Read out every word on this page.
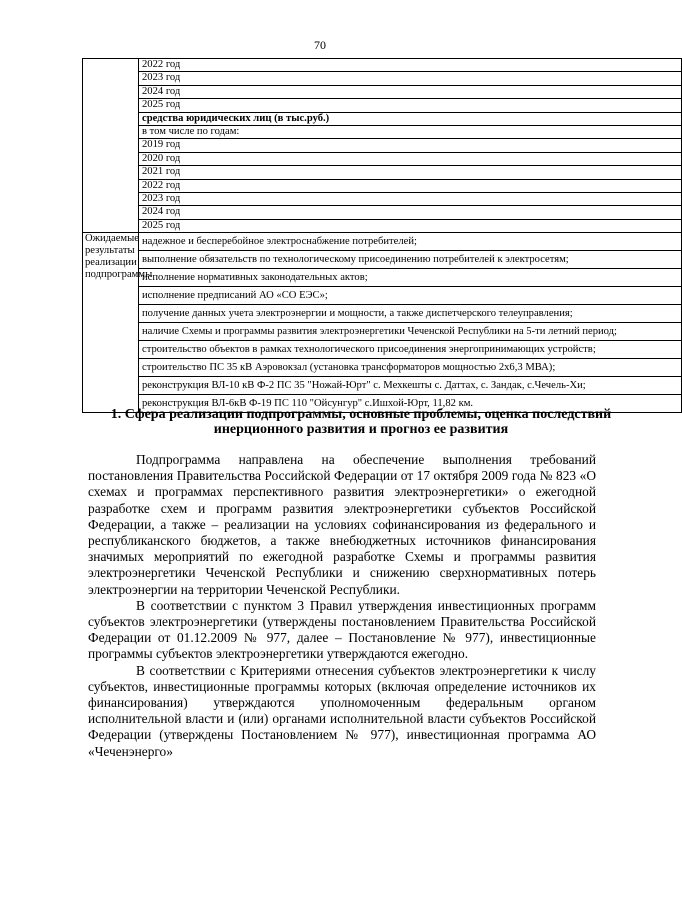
70
	2022 год
	2023 год
	2024 год
	2025 год
	средства юридических лиц (в тыс.руб.)
	в том числе по годам:
	2019 год
	2020 год
	2021 год
	2022 год
	2023 год
	2024 год
	2025 год
Ожидаемые результаты реализации подпрограммы	надежное и бесперебойное электроснабжение потребителей;
	выполнение обязательств по технологическому присоединению потребителей к электросетям;
	исполнение нормативных законодательных актов;
	исполнение предписаний АО «СО ЕЭС»;
	получение данных учета электроэнергии и мощности, а также диспетчерского телеуправления;
	наличие Схемы и программы развития электроэнергетики Чеченской Республики на 5-ти летний период;
	строительство объектов в рамках технологического присоединения энергопринимающих устройств;
	строительство ПС 35 кВ Аэровокзал (установка трансформаторов мощностью 2х6,3 МВА);
	реконструкция ВЛ-10 кВ Ф-2 ПС 35 "Ножай-Юрт" с. Мехкешты с. Даттах, с. Зандак, с.Чечель-Хи;
	реконструкция ВЛ-6кВ Ф-19 ПС 110 "Ойсунгур" с.Ишхой-Юрт, 11,82 км.
1. Сфера реализации подпрограммы, основные проблемы, оценка последствий инерционного развития и прогноз ее развития

Подпрограмма направлена на обеспечение выполнения требований постановления Правительства Российской Федерации от 17 октября 2009 года № 823 «О схемах и программах перспективного развития электроэнергетики» о ежегодной разработке схем и программ развития электроэнергетики субъектов Российской Федерации, а также – реализации на условиях софинансирования из федерального и республиканского бюджетов, а также внебюджетных источников финансирования значимых мероприятий по ежегодной разработке Схемы и программы развития электроэнергетики Чеченской Республики и снижению сверхнормативных потерь электроэнергии на территории Чеченской Республики.

В соответствии с пунктом 3 Правил утверждения инвестиционных программ субъектов электроэнергетики (утверждены постановлением Правительства Российской Федерации от 01.12.2009 № 977, далее – Постановление № 977), инвестиционные программы субъектов электроэнергетики утверждаются ежегодно.

В соответствии с Критериями отнесения субъектов электроэнергетики к числу субъектов, инвестиционные программы которых (включая определение источников их финансирования) утверждаются уполномоченным федеральным органом исполнительной власти и (или) органами исполнительной власти субъектов Российской Федерации (утверждены Постановлением № 977), инвестиционная программа АО «Чеченэнерго»
